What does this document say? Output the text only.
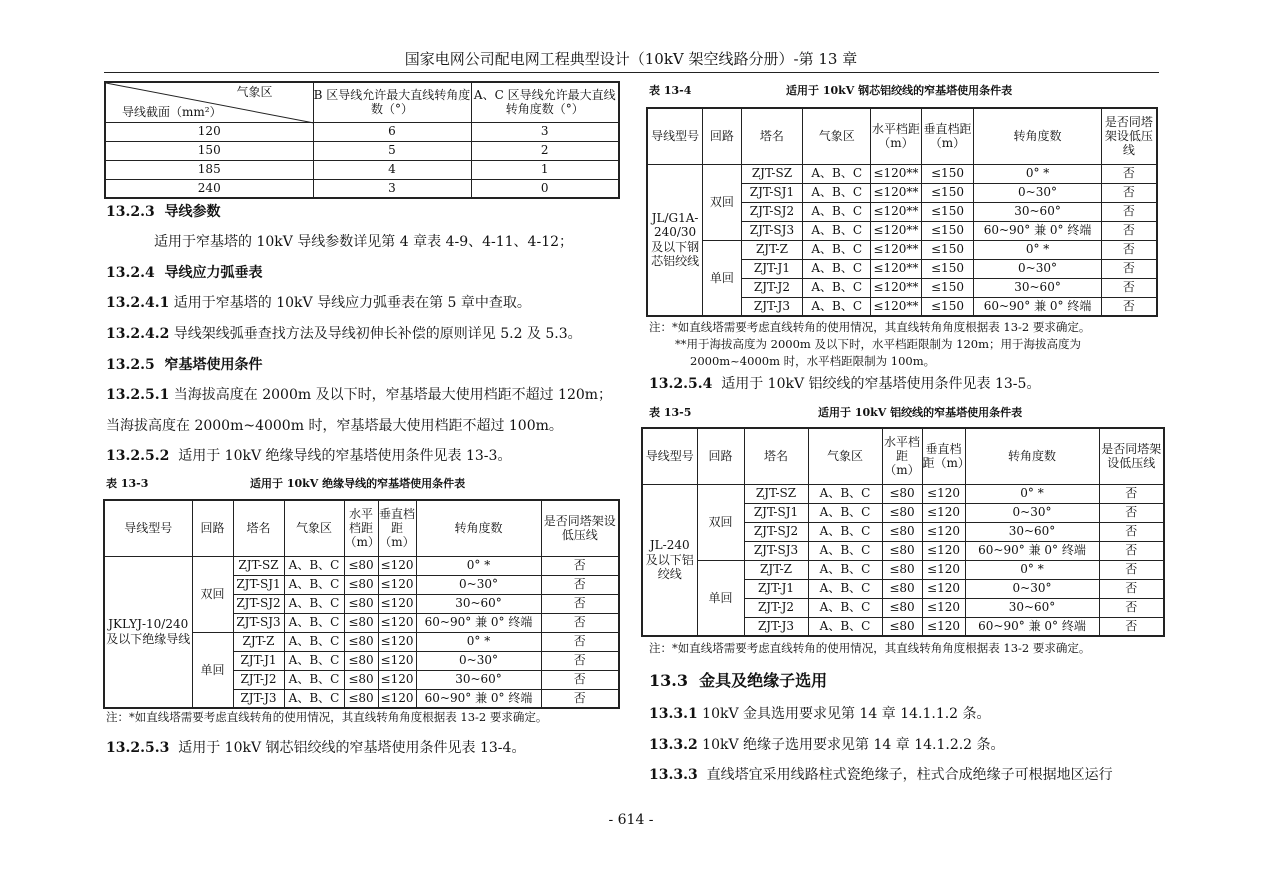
国家电网公司配电网工程典型设计（10kV 架空线路分册）-第 13 章
气象区
导线截面（mm²）	B 区导线允许最大直线转角度数（°）	A、C 区导线允许最大直线转角度数（°）
120	6	3
150	5	2
185	4	1
240	3	0
13.2.3 导线参数
适用于窄基塔的 10kV 导线参数详见第 4 章表 4-9、4-11、4-12；
13.2.4 导线应力弧垂表
13.2.4.1 适用于窄基塔的 10kV 导线应力弧垂表在第 5 章中查取。
13.2.4.2 导线架线弧垂查找方法及导线初伸长补偿的原则详见 5.2 及 5.3。
13.2.5 窄基塔使用条件
13.2.5.1 当海拔高度在 2000m 及以下时，窄基塔最大使用档距不超过 120m；
当海拔高度在 2000m~4000m 时，窄基塔最大使用档距不超过 100m。
13.2.5.2 适用于 10kV 绝缘导线的窄基塔使用条件见表 13-3。
表 13-3	适用于 10kV 绝缘导线的窄基塔使用条件表
导线型号	回路	塔名	气象区	水平档距（m）	垂直档距（m）	转角度数	是否同塔架设低压线
JKLYJ-10/240 及以下绝缘导线	双回	ZJT-SZ	A、B、C	≤80	≤120	0° *	否
		ZJT-SJ1	A、B、C	≤80	≤120	0~30°	否
		ZJT-SJ2	A、B、C	≤80	≤120	30~60°	否
		ZJT-SJ3	A、B、C	≤80	≤120	60~90° 兼 0° 终端	否
	单回	ZJT-Z	A、B、C	≤80	≤120	0° *	否
		ZJT-J1	A、B、C	≤80	≤120	0~30°	否
		ZJT-J2	A、B、C	≤80	≤120	30~60°	否
		ZJT-J3	A、B、C	≤80	≤120	60~90° 兼 0° 终端	否
注：*如直线塔需要考虑直线转角的使用情况，其直线转角角度根据表 13-2 要求确定。
13.2.5.3 适用于 10kV 钢芯铝绞线的窄基塔使用条件见表 13-4。
表 13-4	适用于 10kV 钢芯铝绞线的窄基塔使用条件表
导线型号	回路	塔名	气象区	水平档距（m）	垂直档距（m）	转角度数	是否同塔架设低压线
JL/G1A-240/30 及以下钢芯铝绞线	双回	ZJT-SZ	A、B、C	≤120**	≤150	0° *	否
		ZJT-SJ1	A、B、C	≤120**	≤150	0~30°	否
		ZJT-SJ2	A、B、C	≤120**	≤150	30~60°	否
		ZJT-SJ3	A、B、C	≤120**	≤150	60~90° 兼 0° 终端	否
	单回	ZJT-Z	A、B、C	≤120**	≤150	0° *	否
		ZJT-J1	A、B、C	≤120**	≤150	0~30°	否
		ZJT-J2	A、B、C	≤120**	≤150	30~60°	否
		ZJT-J3	A、B、C	≤120**	≤150	60~90° 兼 0° 终端	否
注：*如直线塔需要考虑直线转角的使用情况，其直线转角角度根据表 13-2 要求确定。
**用于海拔高度为 2000m 及以下时，水平档距限制为 120m；用于海拔高度为
2000m~4000m 时，水平档距限制为 100m。
13.2.5.4 适用于 10kV 铝绞线的窄基塔使用条件见表 13-5。
表 13-5	适用于 10kV 铝绞线的窄基塔使用条件表
导线型号	回路	塔名	气象区	水平档距（m）	垂直档距（m）	转角度数	是否同塔架设低压线
JL-240 及以下铝绞线	双回	ZJT-SZ	A、B、C	≤80	≤120	0° *	否
		ZJT-SJ1	A、B、C	≤80	≤120	0~30°	否
		ZJT-SJ2	A、B、C	≤80	≤120	30~60°	否
		ZJT-SJ3	A、B、C	≤80	≤120	60~90° 兼 0° 终端	否
	单回	ZJT-Z	A、B、C	≤80	≤120	0° *	否
		ZJT-J1	A、B、C	≤80	≤120	0~30°	否
		ZJT-J2	A、B、C	≤80	≤120	30~60°	否
		ZJT-J3	A、B、C	≤80	≤120	60~90° 兼 0° 终端	否
注：*如直线塔需要考虑直线转角的使用情况，其直线转角角度根据表 13-2 要求确定。
13.3 金具及绝缘子选用
13.3.1 10kV 金具选用要求见第 14 章 14.1.1.2 条。
13.3.2 10kV 绝缘子选用要求见第 14 章 14.1.2.2 条。
13.3.3 直线塔宜采用线路柱式瓷绝缘子，柱式合成绝缘子可根据地区运行
- 614 -
